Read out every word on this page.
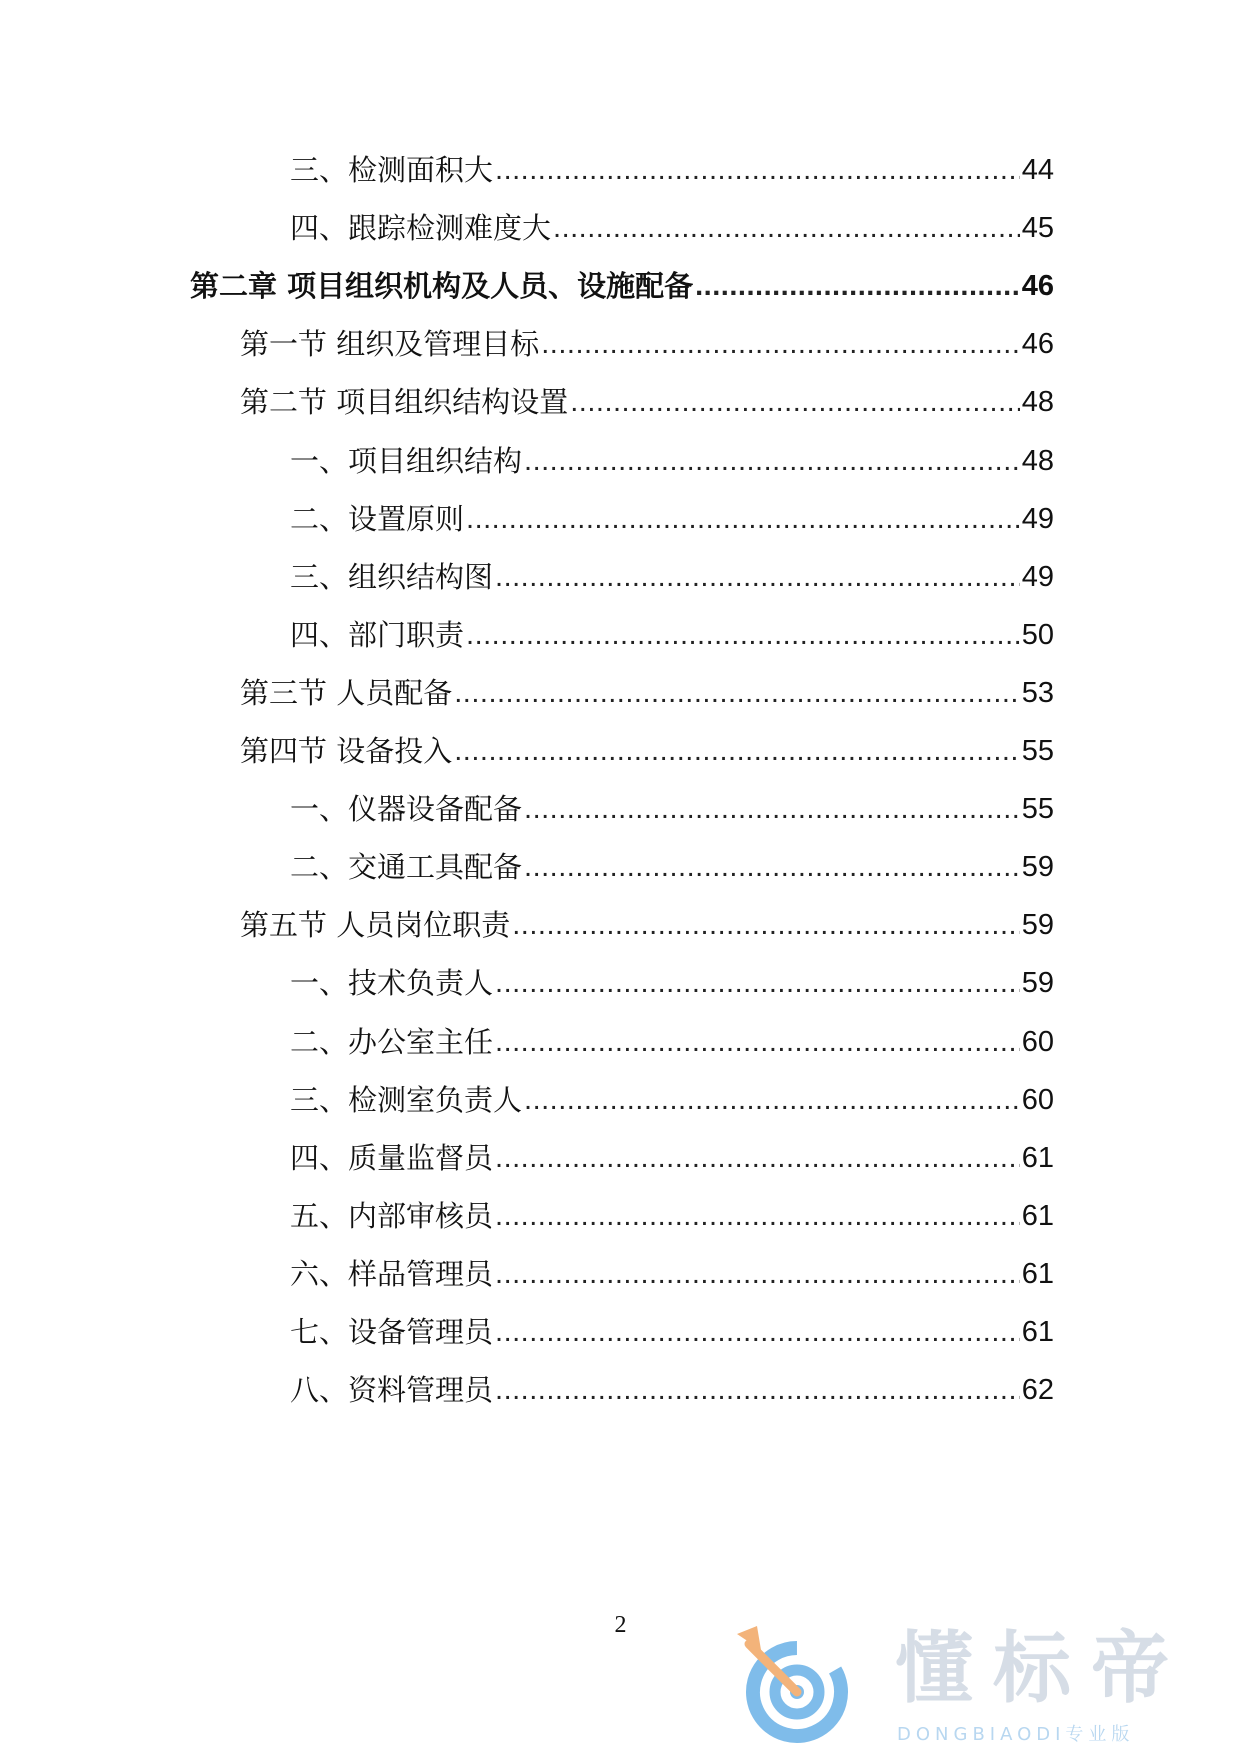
三、检测面积大 .....	44
四、跟踪检测难度大 .....	45
第二章 项目组织机构及人员、设施配备 .....	46
第一节 组织及管理目标 .....	46
第二节 项目组织结构设置 .....	48
一、项目组织结构 .....	48
二、设置原则 .....	49
三、组织结构图 .....	49
四、部门职责 .....	50
第三节 人员配备 .....	53
第四节 设备投入 .....	55
一、仪器设备配备 .....	55
二、交通工具配备 .....	59
第五节 人员岗位职责 .....	59
一、技术负责人 .....	59
二、办公室主任 .....	60
三、检测室负责人 .....	60
四、质量监督员 .....	61
五、内部审核员 .....	61
六、样品管理员 .....	61
七、设备管理员 .....	61
八、资料管理员 .....	62
2	懂标帝
DONGBIAODI专业版
